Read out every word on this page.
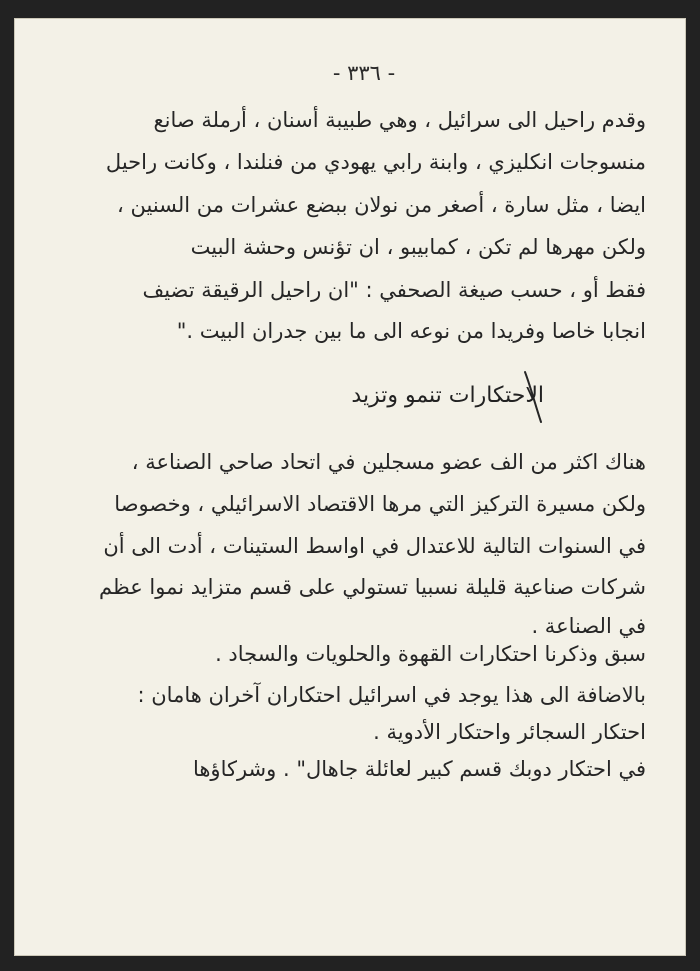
- ٣٣٦ -
وقدم راحيل الى سرائيل ، وهي طبيبة أسنان ، أرملة صانع
منسوجات انكليزي ، وابنة رابي يهودي من فنلندا ، وكانت راحيل
ايضا ، مثل سارة ، أصغر من نولان ببضع عشرات من السنين ،
ولكن مهرها لم تكن ، كمابيبو ، ان تؤنس وحشة البيت
فقط أو ، حسب صيغة الصحفي : "ان راحيل الرقيقة تضيف
انجابا خاصا وفريدا من نوعه الى ما بين جدران البيت ."
الاحتكارات تنمو وتزيد
هناك اكثر من الف عضو مسجلين في اتحاد صاحي الصناعة ،
ولكن مسيرة التركيز التي مرها الاقتصاد الاسرائيلي ، وخصوصا
في السنوات التالية للاعتدال في اواسط الستينات ، أدت الى أن
شركات صناعية قليلة نسبيا تستولي على قسم متزايد نموا عظم
في الصناعة .
سبق وذكرنا احتكارات القهوة والحلويات والسجاد .
بالاضافة الى هذا يوجد في اسرائيل احتكاران آخران هامان :
احتكار السجائر واحتكار الأدوية .
في احتكار دوبك قسم كبير لعائلة جاهال" . وشركاؤها
